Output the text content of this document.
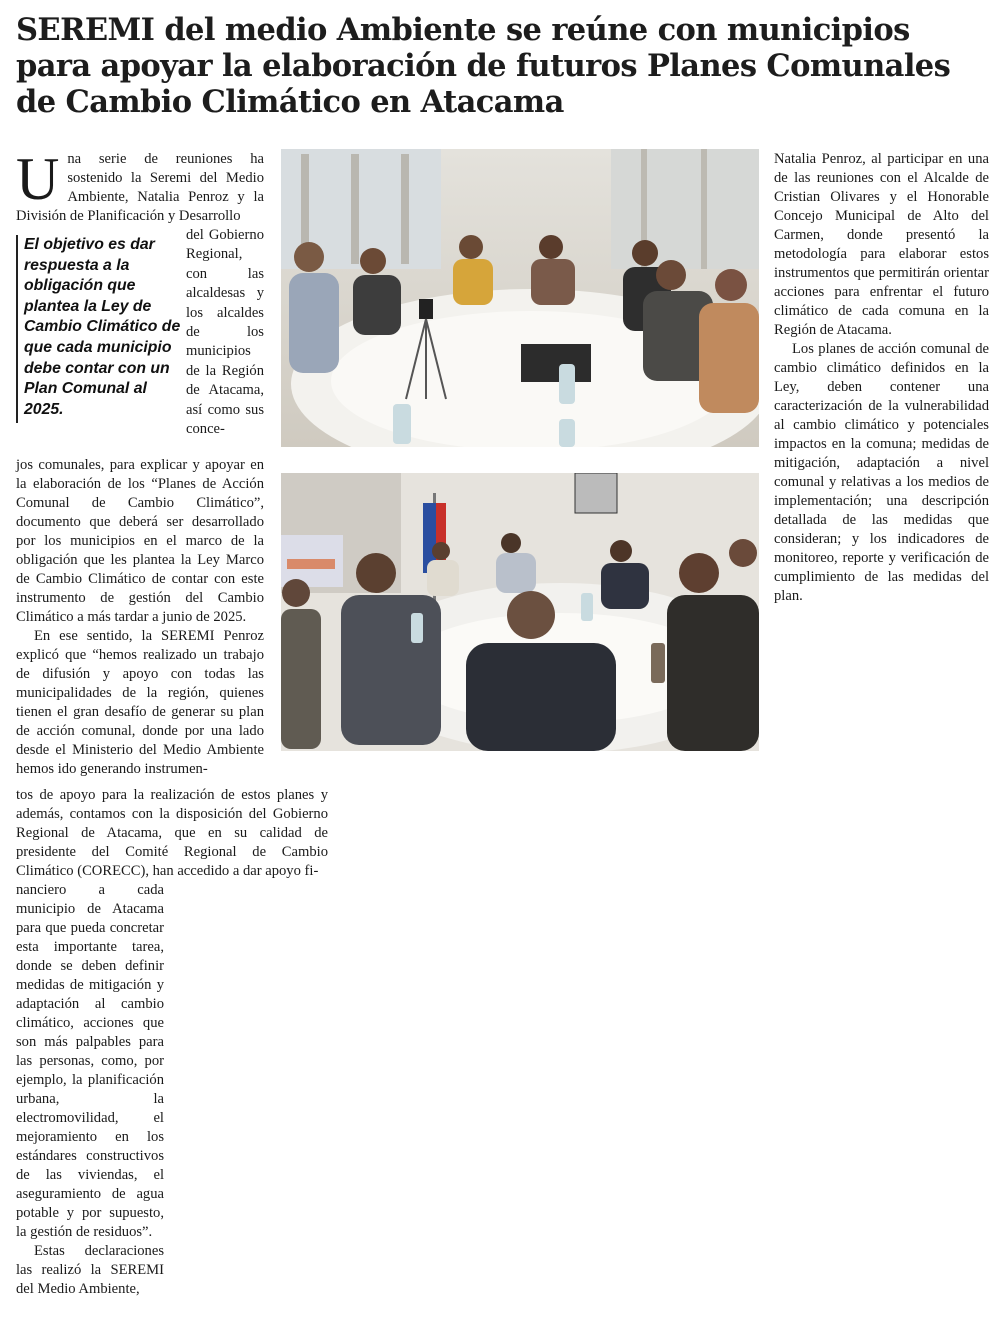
SEREMI del medio Ambiente se reúne con municipios para apoyar la elaboración de futuros Planes Comunales de Cambio Climático en Atacama

Una serie de reuniones ha sostenido la Seremi del Medio Ambiente, Natalia Penroz y la División de Planificación y Desarrollo

El objetivo es dar respuesta a la obligación que plantea la Ley de Cambio Climático de que cada municipio debe contar con un Plan Comunal al 2025.

del Gobierno Regional, con las alcaldesas y los alcaldes de los municipios de la Región de Atacama, así como sus conce-

jos comunales, para explicar y apoyar en la elaboración de los “Planes de Acción Comunal de Cambio Climático”, documento que deberá ser desarrollado por los municipios en el marco de la obligación que les plantea la Ley Marco de Cambio Climático de contar con este instrumento de gestión del Cambio Climático a más tardar a junio de 2025.

En ese sentido, la SEREMI Penroz explicó que “hemos realizado un trabajo de difusión y apoyo con todas las municipalidades de la región, quienes tienen el gran desafío de generar su plan de acción comunal, donde por una lado desde el Ministerio del Medio Ambiente hemos ido generando instrumen-

tos de apoyo para la realización de estos planes y además, contamos con la disposición del Gobierno Regional de Atacama, que en su calidad de presidente del Comité Regional de Cambio Climático (CORECC), han accedido a dar apoyo fi-

nanciero a cada municipio de Atacama para que pueda concretar esta importante tarea, donde se deben definir medidas de mitigación y adaptación al cambio climático, acciones que son más palpables para las personas, como, por ejemplo, la planificación urbana, la electromovilidad, el mejoramiento en los estándares constructivos de las viviendas, el aseguramiento de agua potable y por supuesto, la gestión de residuos”.

Estas declaraciones las realizó la SEREMI del Medio Ambiente,

Natalia Penroz, al participar en una de las reuniones con el Alcalde de Cristian Olivares y el Honorable Concejo Municipal de Alto del Carmen, donde presentó la metodología para elaborar estos instrumentos que permitirán orientar acciones para enfrentar el futuro climático de cada comuna en la Región de Atacama.

Los planes de acción comunal de cambio climático definidos en la Ley, deben contener una caracterización de la vulnerabilidad al cambio climático y potenciales impactos en la comuna; medidas de mitigación, adaptación a nivel comunal y relativas a los medios de implementación; una descripción detallada de las medidas que consideran; y los indicadores de monitoreo, reporte y verificación de cumplimiento de las medidas del plan.
